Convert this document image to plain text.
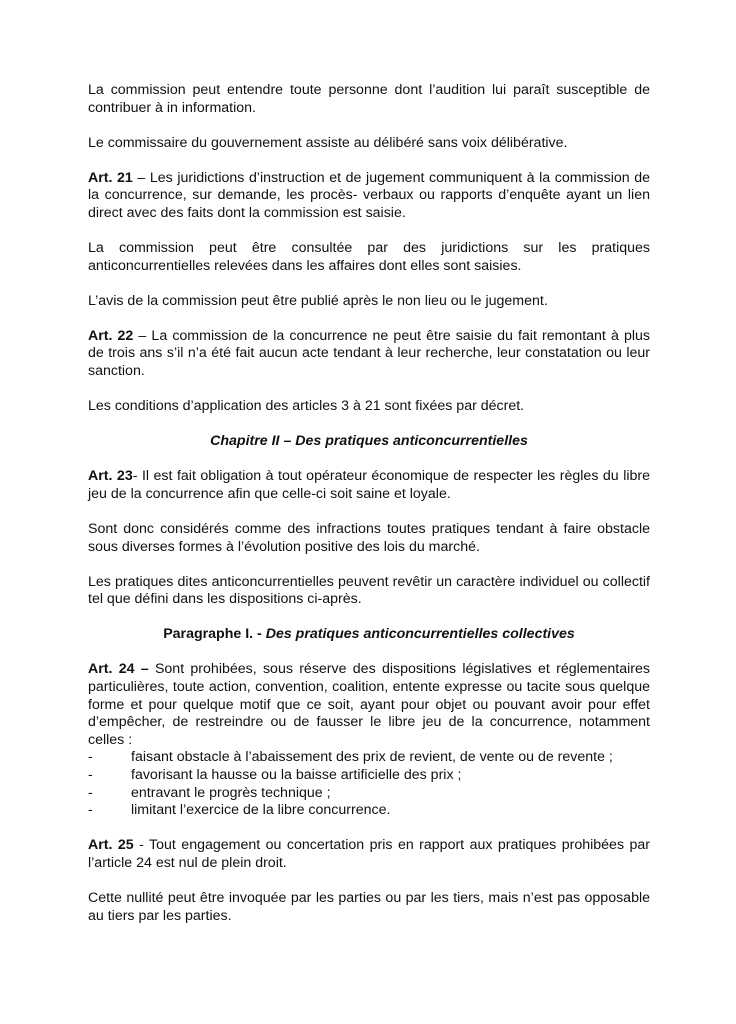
La commission peut entendre toute personne dont l’audition lui paraît susceptible de contribuer à in information.

Le commissaire du gouvernement assiste au délibéré sans voix délibérative.

Art. 21 – Les juridictions d’instruction et de jugement communiquent à la commission de la concurrence, sur demande, les procès- verbaux ou rapports d’enquête ayant un lien direct avec des faits dont la commission est saisie.

La commission peut être consultée par des juridictions sur les pratiques anticoncurrentielles relevées dans les affaires dont elles sont saisies.

L’avis de la commission peut être publié après le non lieu ou le jugement.

Art. 22 – La commission de la concurrence ne peut être saisie du fait remontant à plus de trois ans s’il n’a été fait aucun acte tendant à leur recherche, leur constatation ou leur sanction.

Les conditions d’application des articles 3 à 21 sont fixées par décret.

Chapitre II – Des pratiques anticoncurrentielles

Art. 23- Il est fait obligation à tout opérateur économique de respecter les règles du libre jeu de la concurrence afin que celle-ci soit saine et loyale.

Sont donc considérés comme des infractions toutes pratiques tendant à faire obstacle sous diverses formes à l’évolution positive des lois du marché.

Les pratiques dites anticoncurrentielles peuvent revêtir un caractère individuel ou collectif tel que défini dans les dispositions ci-après.

Paragraphe I. - Des pratiques anticoncurrentielles collectives

Art. 24 – Sont prohibées, sous réserve des dispositions législatives et réglementaires particulières, toute action, convention, coalition, entente expresse ou tacite sous quelque forme et pour quelque motif que ce soit, ayant pour objet ou pouvant avoir pour effet d’empêcher, de restreindre ou de fausser le libre jeu de la concurrence, notamment celles :

-	faisant obstacle à l’abaissement des prix de revient, de vente ou de revente ;
-	favorisant la hausse ou la baisse artificielle des prix ;
-	entravant le progrès technique ;
-	limitant l’exercice de la libre concurrence.

Art. 25 - Tout engagement ou concertation pris en rapport aux pratiques prohibées par l’article 24 est nul de plein droit.

Cette nullité peut être invoquée par les parties ou par les tiers, mais n’est pas opposable au tiers par les parties.
